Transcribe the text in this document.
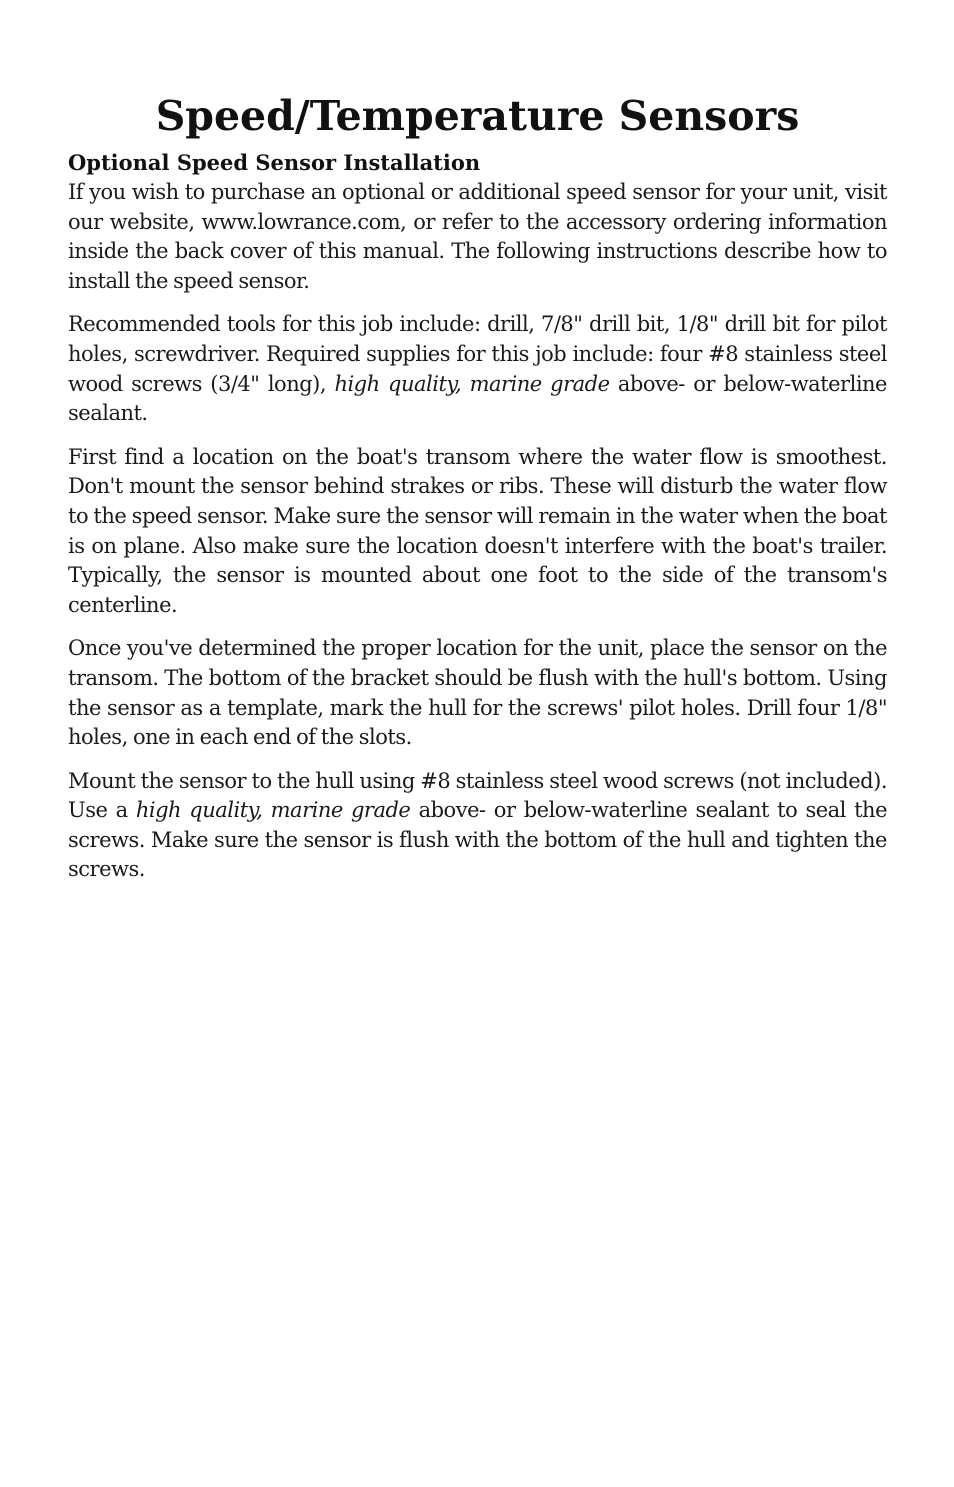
Speed/Temperature Sensors
Optional Speed Sensor Installation

If you wish to purchase an optional or additional speed sensor for your unit, visit our website, www.lowrance.com, or refer to the accessory ordering information inside the back cover of this manual. The following instructions describe how to install the speed sensor.

Recommended tools for this job include: drill, 7/8" drill bit, 1/8" drill bit for pilot holes, screwdriver. Required supplies for this job include: four #8 stainless steel wood screws (3/4" long), high quality, marine grade above- or below-waterline sealant.

First find a location on the boat's transom where the water flow is smoothest. Don't mount the sensor behind strakes or ribs. These will disturb the water flow to the speed sensor. Make sure the sensor will remain in the water when the boat is on plane. Also make sure the location doesn't interfere with the boat's trailer. Typically, the sensor is mounted about one foot to the side of the transom's centerline.

Once you've determined the proper location for the unit, place the sensor on the transom. The bottom of the bracket should be flush with the hull's bottom. Using the sensor as a template, mark the hull for the screws' pilot holes. Drill four 1/8" holes, one in each end of the slots.

Mount the sensor to the hull using #8 stainless steel wood screws (not included). Use a high quality, marine grade above- or below-waterline sealant to seal the screws. Make sure the sensor is flush with the bottom of the hull and tighten the screws.
